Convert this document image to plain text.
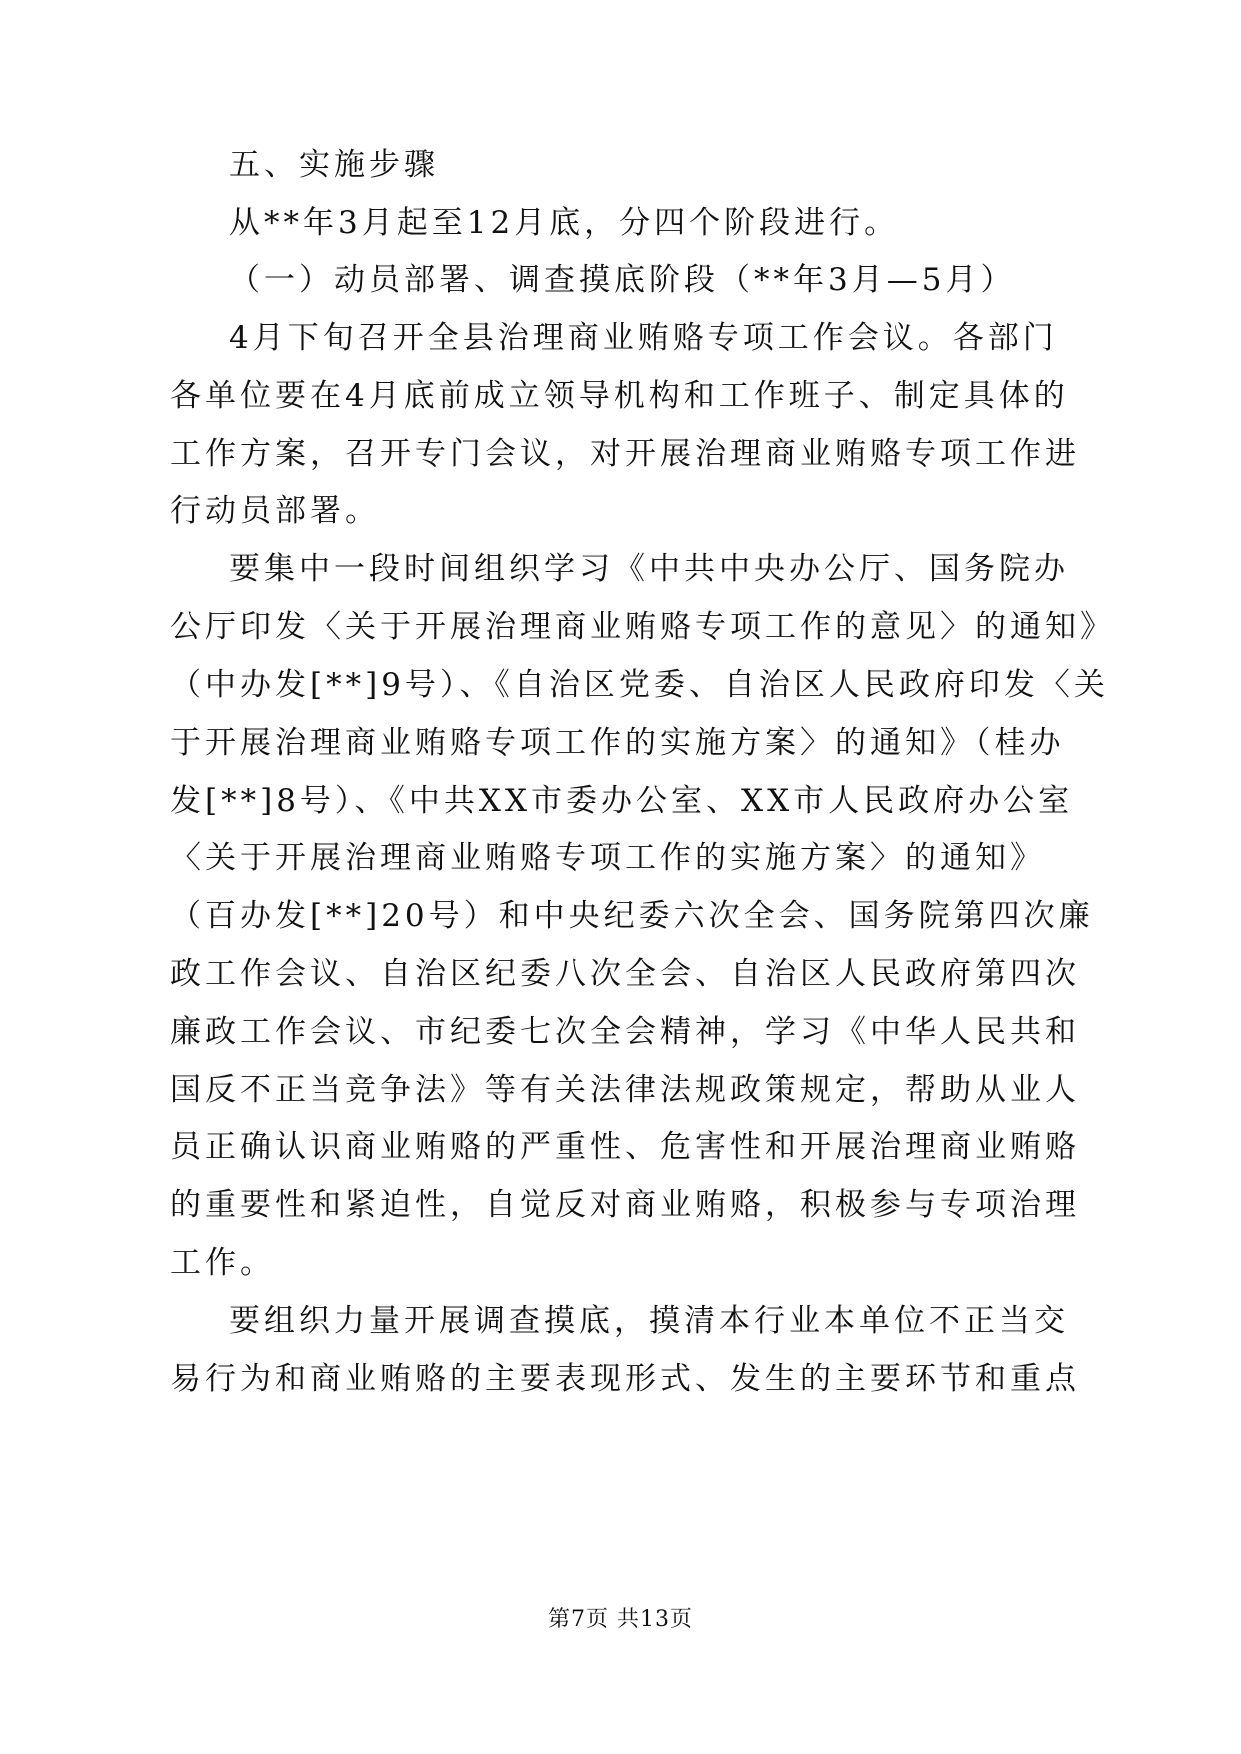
五、实施步骤

从**年3月起至12月底，分四个阶段进行。

（一）动员部署、调查摸底阶段（**年3月—5月）

4月下旬召开全县治理商业贿赂专项工作会议。各部门

各单位要在4月底前成立领导机构和工作班子、制定具体的

工作方案，召开专门会议，对开展治理商业贿赂专项工作进

行动员部署。

要集中一段时间组织学习《中共中央办公厅、国务院办

公厅印发〈关于开展治理商业贿赂专项工作的意见〉的通知》

（中办发[**]9号）、《自治区党委、自治区人民政府印发〈关

于开展治理商业贿赂专项工作的实施方案〉的通知》（桂办

发[**]8号）、《中共XX市委办公室、XX市人民政府办公室

〈关于开展治理商业贿赂专项工作的实施方案〉的通知》

（百办发[**]20号）和中央纪委六次全会、国务院第四次廉

政工作会议、自治区纪委八次全会、自治区人民政府第四次

廉政工作会议、市纪委七次全会精神，学习《中华人民共和

国反不正当竞争法》等有关法律法规政策规定，帮助从业人

员正确认识商业贿赂的严重性、危害性和开展治理商业贿赂

的重要性和紧迫性，自觉反对商业贿赂，积极参与专项治理

工作。

要组织力量开展调查摸底，摸清本行业本单位不正当交

易行为和商业贿赂的主要表现形式、发生的主要环节和重点

第7页 共13页
